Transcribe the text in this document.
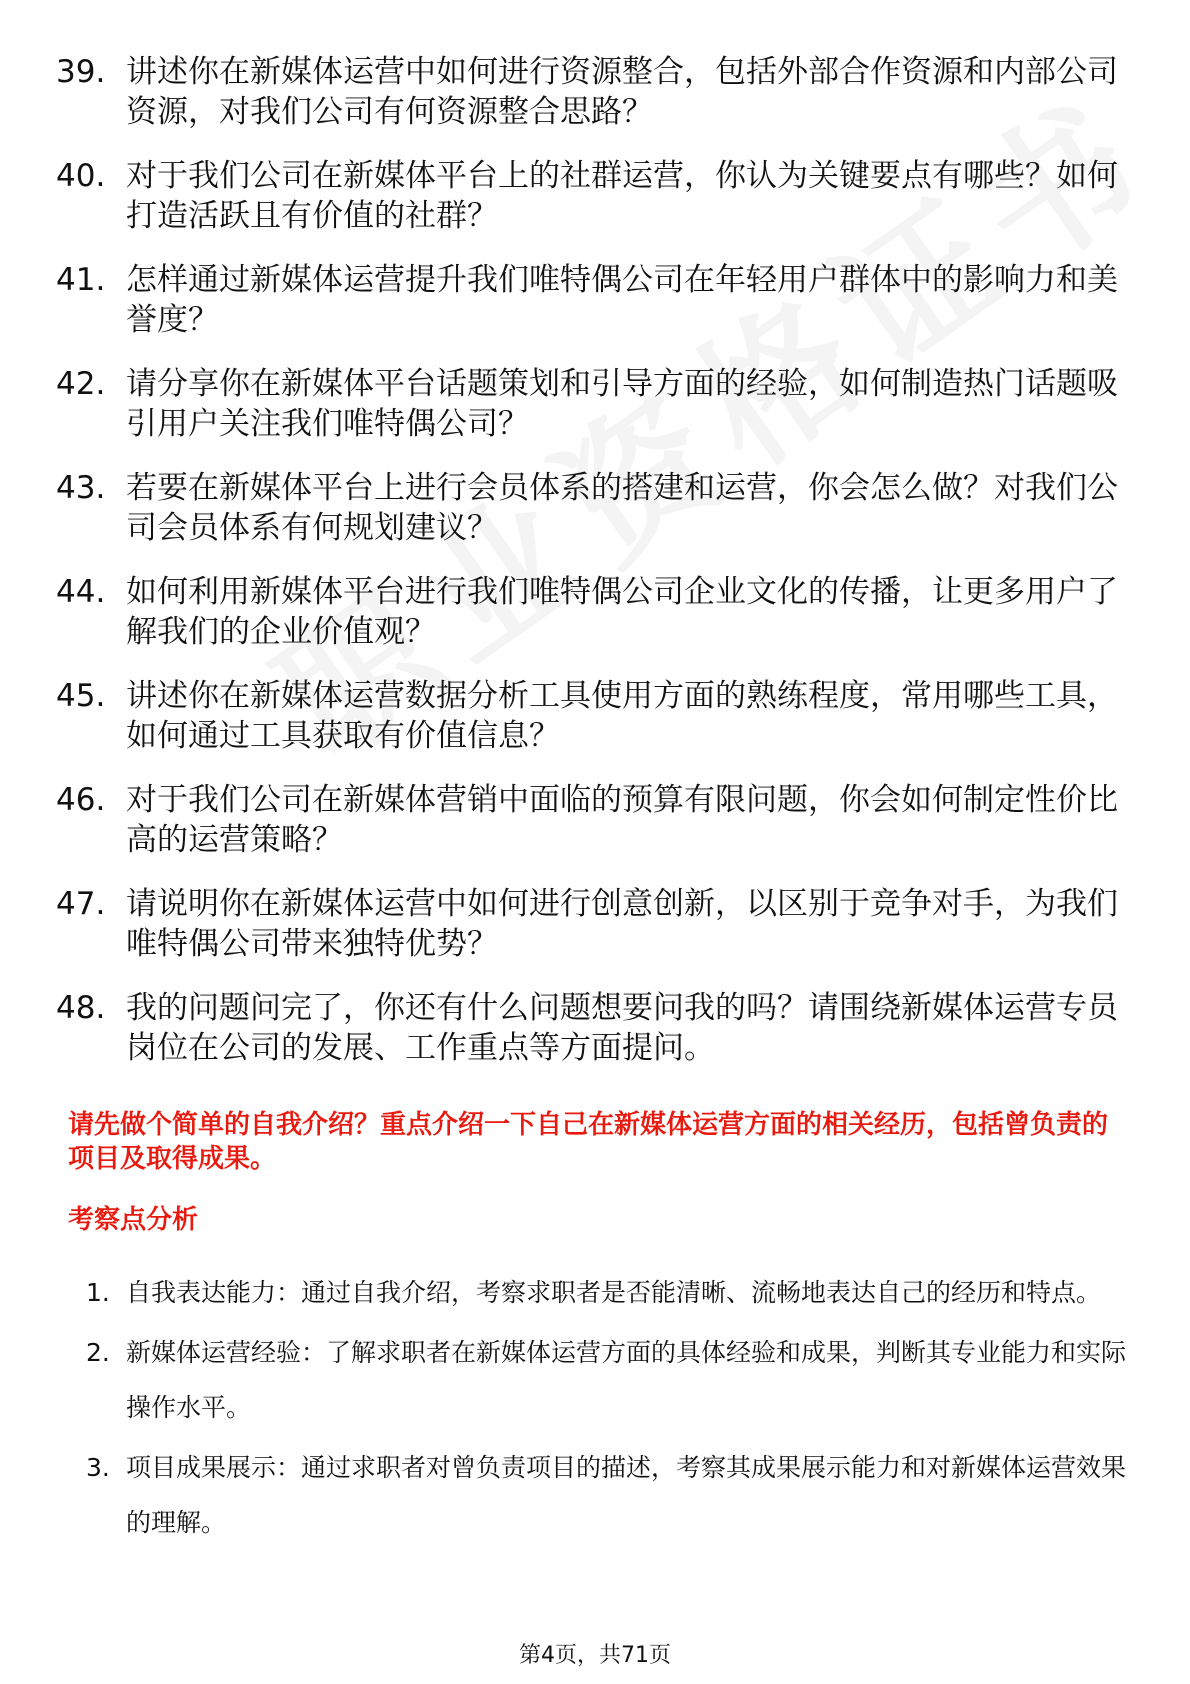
39. 讲述你在新媒体运营中如何进行资源整合，包括外部合作资源和内部公司资源，对我们公司有何资源整合思路？
40. 对于我们公司在新媒体平台上的社群运营，你认为关键要点有哪些？如何打造活跃且有价值的社群？
41. 怎样通过新媒体运营提升我们唯特偶公司在年轻用户群体中的影响力和美誉度？
42. 请分享你在新媒体平台话题策划和引导方面的经验，如何制造热门话题吸引用户关注我们唯特偶公司？
43. 若要在新媒体平台上进行会员体系的搭建和运营，你会怎么做？对我们公司会员体系有何规划建议？
44. 如何利用新媒体平台进行我们唯特偶公司企业文化的传播，让更多用户了解我们的企业价值观？
45. 讲述你在新媒体运营数据分析工具使用方面的熟练程度，常用哪些工具，如何通过工具获取有价值信息？
46. 对于我们公司在新媒体营销中面临的预算有限问题，你会如何制定性价比高的运营策略？
47. 请说明你在新媒体运营中如何进行创意创新，以区别于竞争对手，为我们唯特偶公司带来独特优势？
48. 我的问题问完了，你还有什么问题想要问我的吗？请围绕新媒体运营专员岗位在公司的发展、工作重点等方面提问。
请先做个简单的自我介绍？重点介绍一下自己在新媒体运营方面的相关经历，包括曾负责的项目及取得成果。
考察点分析
1. 自我表达能力：通过自我介绍，考察求职者是否能清晰、流畅地表达自己的经历和特点。
2. 新媒体运营经验：了解求职者在新媒体运营方面的具体经验和成果，判断其专业能力和实际操作水平。
3. 项目成果展示：通过求职者对曾负责项目的描述，考察其成果展示能力和对新媒体运营效果的理解。
第4页，共71页
